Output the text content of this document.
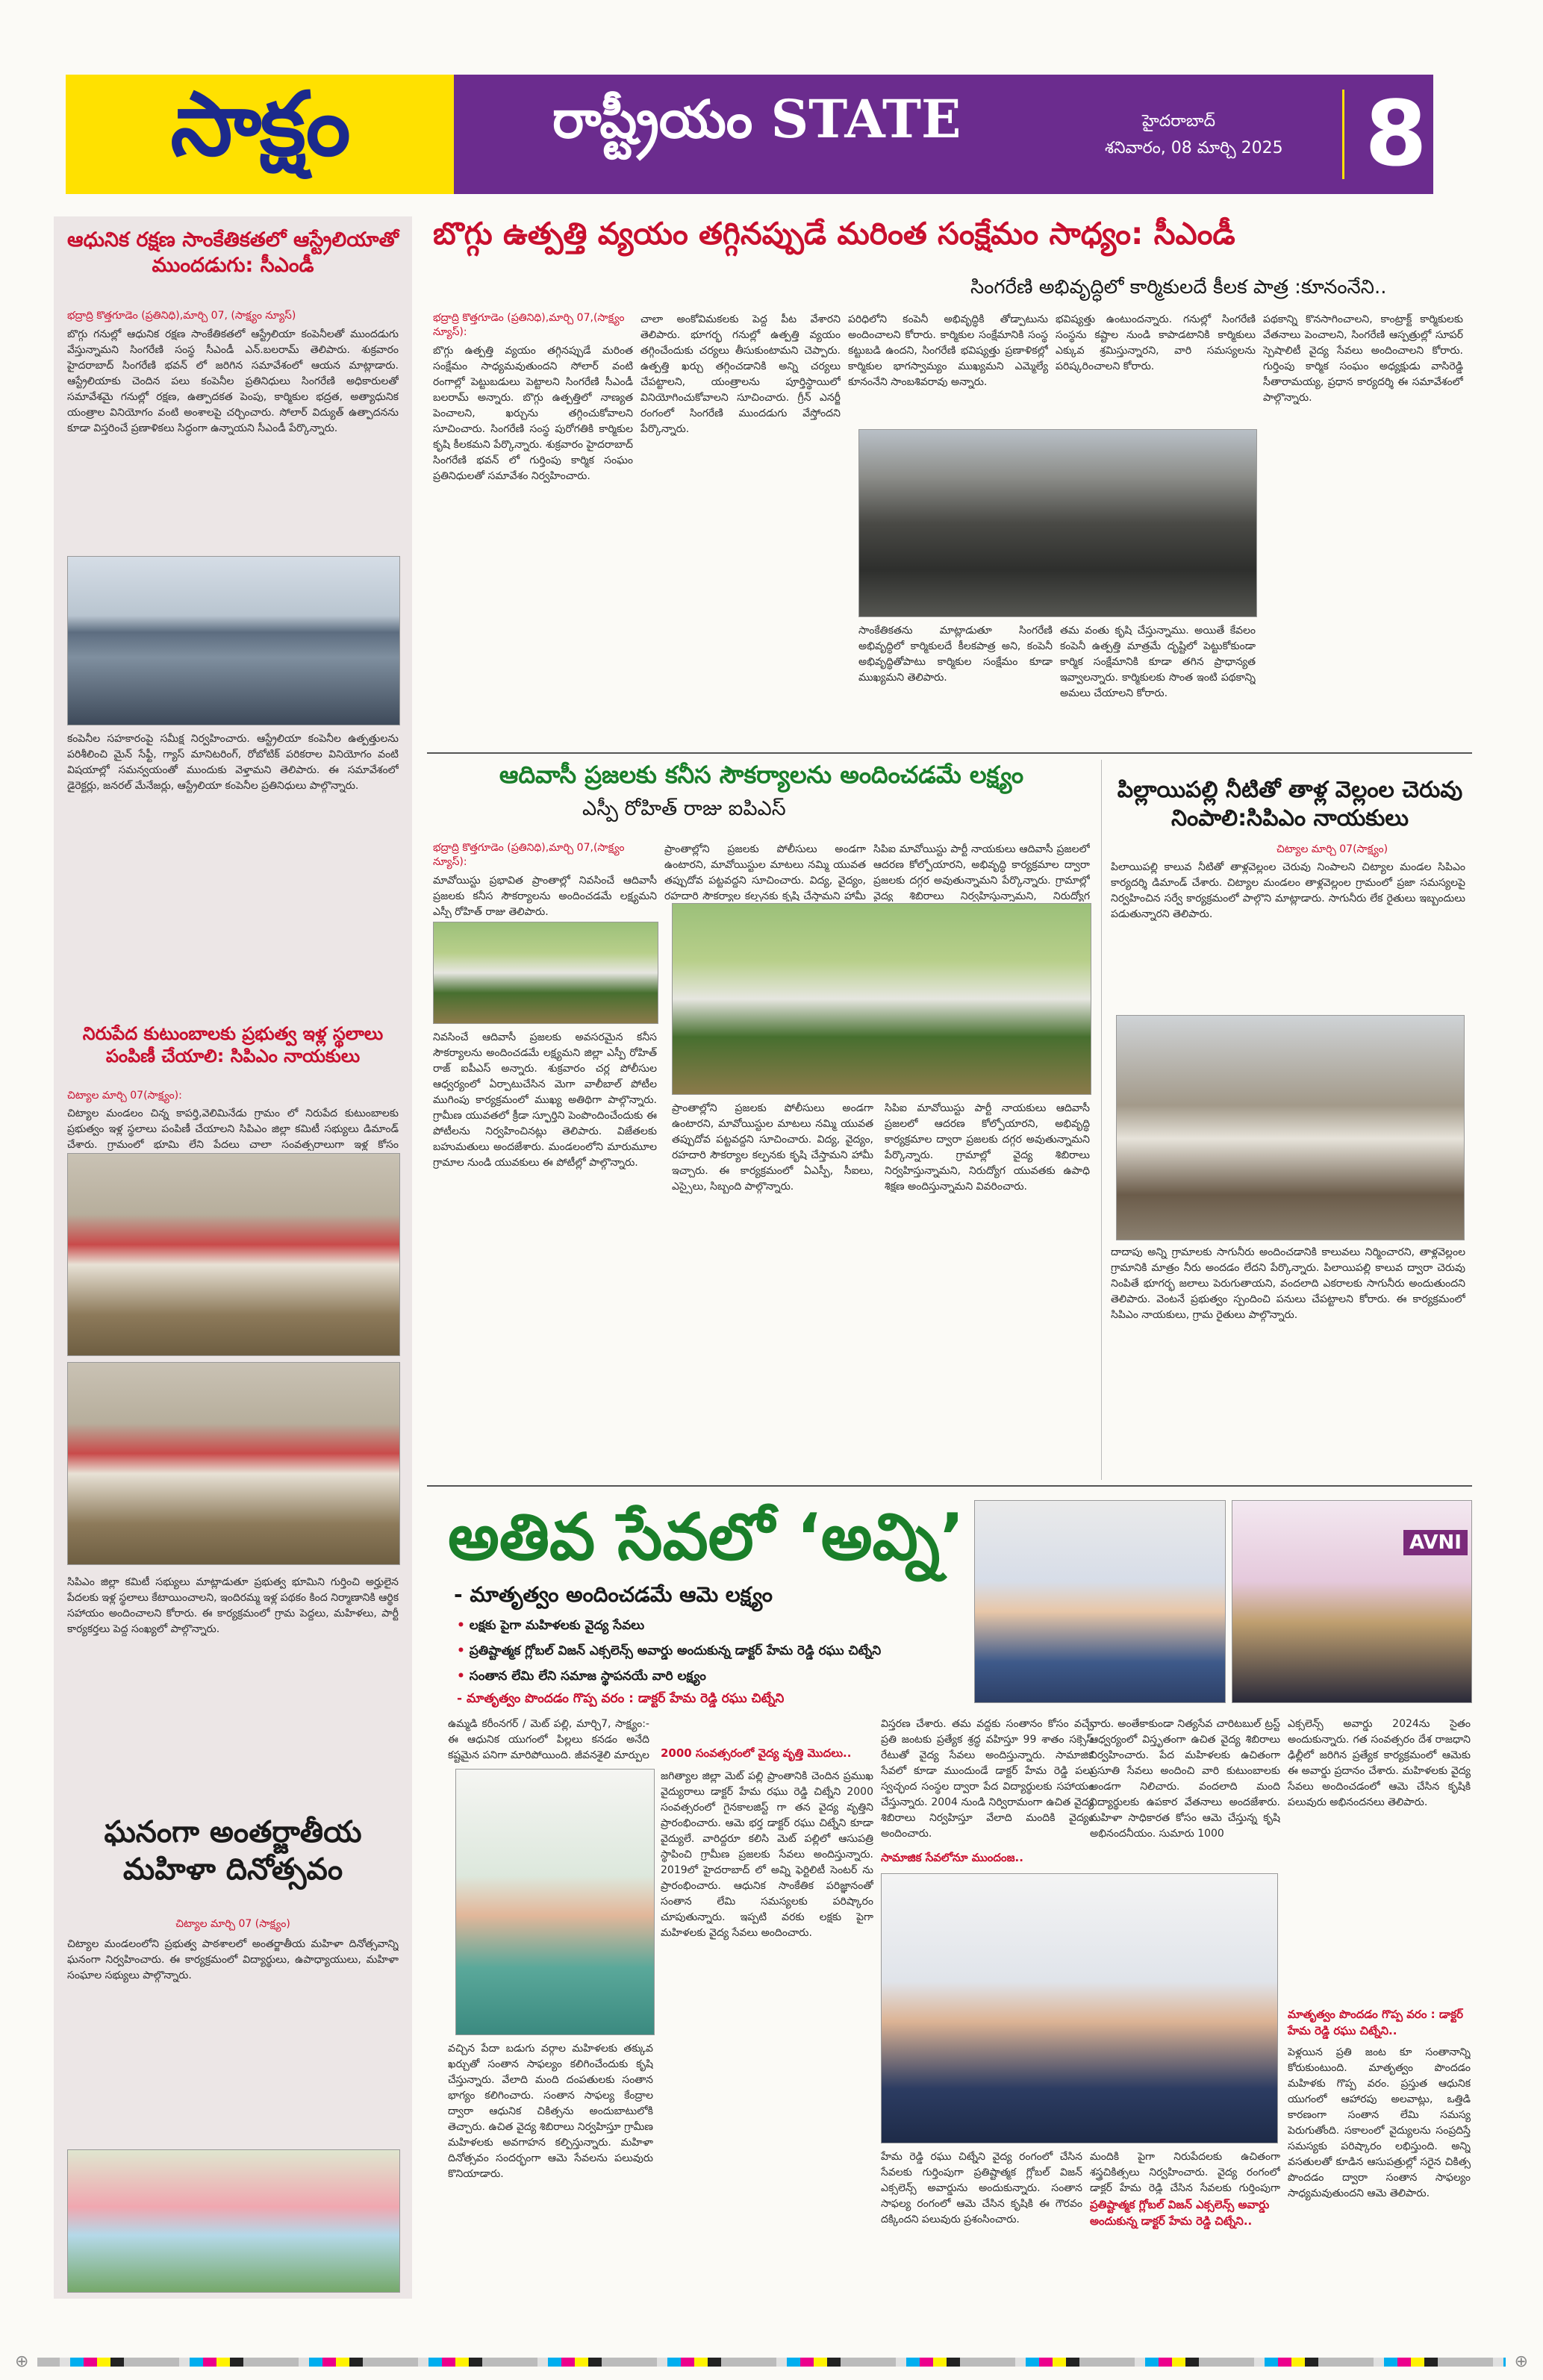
సాక్షం	రాష్ట్రీయం STATE	హైదరాబాద్
శనివారం, 08 మార్చి 2025 8
ఆధునిక రక్షణ సాంకేతికతలో ఆస్ట్రేలియాతో ముందడుగు: సీఎండీ
భద్రాద్రి కొత్తగూడెం (ప్రతినిధి),మార్చి 07, (సాక్ష్యం న్యూస్)
బొగ్గు గనుల్లో ఆధునిక రక్షణ సాంకేతికతలో ఆస్ట్రేలియా కంపెనీలతో ముందడుగు వేస్తున్నామని సింగరేణి సంస్థ సీఎండీ ఎన్.బలరామ్ తెలిపారు. శుక్రవారం హైదరాబాద్ సింగరేణి భవన్ లో జరిగిన సమావేశంలో ఆయన మాట్లాడారు. ఆస్ట్రేలియాకు చెందిన పలు కంపెనీల ప్రతినిధులు సింగరేణి అధికారులతో సమావేశమై గనుల్లో రక్షణ, ఉత్పాదకత పెంపు, కార్మికుల భద్రత, అత్యాధునిక యంత్రాల వినియోగం వంటి అంశాలపై చర్చించారు. సోలార్ విద్యుత్ ఉత్పాదనను కూడా విస్తరించే ప్రణాళికలు సిద్ధంగా ఉన్నాయని సీఎండీ పేర్కొన్నారు.
కంపెనీల సహకారంపై సమీక్ష నిర్వహించారు. ఆస్ట్రేలియా కంపెనీల ఉత్పత్తులను పరిశీలించి మైన్ సేఫ్టీ, గ్యాస్ మానిటరింగ్, రోబోటిక్ పరికరాల వినియోగం వంటి విషయాల్లో సమన్వయంతో ముందుకు వెళ్తామని తెలిపారు. ఈ సమావేశంలో డైరెక్టర్లు, జనరల్ మేనేజర్లు, ఆస్ట్రేలియా కంపెనీల ప్రతినిధులు పాల్గొన్నారు.
నిరుపేద కుటుంబాలకు ప్రభుత్వ ఇళ్ల స్థలాలు పంపిణీ చేయాలి: సిపిఎం నాయకులు
చిట్యాల మార్చి 07(సాక్ష్యం):
చిట్యాల మండలం చిన్న కాపర్తి,వెలిమినేడు గ్రామం లో నిరుపేద కుటుంబాలకు ప్రభుత్వం ఇళ్ల స్థలాలు పంపిణీ చేయాలని సిపిఎం జిల్లా కమిటీ సభ్యులు డిమాండ్ చేశారు. గ్రామంలో భూమి లేని పేదలు చాలా సంవత్సరాలుగా ఇళ్ల కోసం
సిపిఎం జిల్లా కమిటీ సభ్యులు మాట్లాడుతూ ప్రభుత్వ భూమిని గుర్తించి అర్హులైన పేదలకు ఇళ్ల స్థలాలు కేటాయించాలని, ఇందిరమ్మ ఇళ్ల పథకం కింద నిర్మాణానికి ఆర్థిక సహాయం అందించాలని కోరారు. ఈ కార్యక్రమంలో గ్రామ పెద్దలు, మహిళలు, పార్టీ కార్యకర్తలు పెద్ద సంఖ్యలో పాల్గొన్నారు.
ఘనంగా అంతర్జాతీయ మహిళా దినోత్సవం
చిట్యాల మార్చి 07 (సాక్ష్యం)
చిట్యాల మండలంలోని ప్రభుత్వ పాఠశాలలో అంతర్జాతీయ మహిళా దినోత్సవాన్ని ఘనంగా నిర్వహించారు. ఈ కార్యక్రమంలో విద్యార్థులు, ఉపాధ్యాయులు, మహిళా సంఘాల సభ్యులు పాల్గొన్నారు.
బొగ్గు ఉత్పత్తి వ్యయం తగ్గినప్పుడే మరింత సంక్షేమం సాధ్యం: సీఎండీ
సింగరేణి అభివృద్ధిలో కార్మికులదే కీలక పాత్ర :కూనంనేని..
భద్రాద్రి కొత్తగూడెం (ప్రతినిధి),మార్చి 07,(సాక్ష్యం న్యూస్):
బొగ్గు ఉత్పత్తి వ్యయం తగ్గినప్పుడే మరింత సంక్షేమం సాధ్యమవుతుందని సోలార్ వంటి రంగాల్లో పెట్టుబడులు పెట్టాలని సింగరేణి సీఎండీ బలరామ్ అన్నారు. బొగ్గు ఉత్పత్తిలో నాణ్యత పెంచాలని, ఖర్చును తగ్గించుకోవాలని సూచించారు. సింగరేణి సంస్థ పురోగతికి కార్మికుల కృషి కీలకమని పేర్కొన్నారు. శుక్రవారం హైదరాబాద్ సింగరేణి భవన్ లో గుర్తింపు కార్మిక సంఘం ప్రతినిధులతో సమావేశం నిర్వహించారు.
చాలా అంకోవిమకలకు పెద్ద పీట వేశారని తెలిపారు. భూగర్భ గనుల్లో ఉత్పత్తి వ్యయం తగ్గించేందుకు చర్యలు తీసుకుంటామని చెప్పారు. ఉత్పత్తి ఖర్చు తగ్గించడానికి అన్ని చర్యలు చేపట్టాలని, యంత్రాలను పూర్తిస్థాయిలో వినియోగించుకోవాలని సూచించారు. గ్రీన్ ఎనర్జీ రంగంలో సింగరేణి ముందడుగు వేస్తోందని పేర్కొన్నారు.
పరిధిలోని కంపెనీ అభివృద్ధికి తోడ్పాటును అందించాలని కోరారు. కార్మికుల సంక్షేమానికి సంస్థ కట్టుబడి ఉందని, సింగరేణి భవిష్యత్తు ప్రణాళికల్లో కార్మికుల భాగస్వామ్యం ముఖ్యమని ఎమ్మెల్యే కూనంనేని సాంబశివరావు అన్నారు.
భవిష్యత్తు ఉంటుందన్నారు. గనుల్లో సింగరేణి సంస్థను కష్టాల నుండి కాపాడటానికి కార్మికులు ఎక్కువ శ్రమిస్తున్నారని, వారి సమస్యలను పరిష్కరించాలని కోరారు.
పథకాన్ని కొనసాగించాలని, కాంట్రాక్ట్ కార్మికులకు వేతనాలు పెంచాలని, సింగరేణి ఆస్పత్రుల్లో సూపర్ స్పెషాలిటీ వైద్య సేవలు అందించాలని కోరారు. గుర్తింపు కార్మిక సంఘం అధ్యక్షుడు వాసిరెడ్డి సీతారామయ్య, ప్రధాన కార్యదర్శి ఈ సమావేశంలో పాల్గొన్నారు.
సాంకేతికతను మాట్లాడుతూ సింగరేణి అభివృద్ధిలో కార్మికులదే కీలకపాత్ర అని, కంపెనీ అభివృద్ధితోపాటు కార్మికుల సంక్షేమం కూడా ముఖ్యమని తెలిపారు.
తమ వంతు కృషి చేస్తున్నాము. అయితే కేవలం కంపెనీ ఉత్పత్తి మాత్రమే దృష్టిలో పెట్టుకోకుండా కార్మిక సంక్షేమానికి కూడా తగిన ప్రాధాన్యత ఇవ్వాలన్నారు. కార్మికులకు సొంత ఇంటి పథకాన్ని అమలు చేయాలని కోరారు.
ఆదివాసీ ప్రజలకు కనీస సౌకర్యాలను అందించడమే లక్ష్యం
ఎస్పీ రోహిత్ రాజు ఐపిఎస్
భద్రాద్రి కొత్తగూడెం (ప్రతినిధి),మార్చి 07,(సాక్ష్యం న్యూస్):
మావోయిస్టు ప్రభావిత ప్రాంతాల్లో నివసించే ఆదివాసీ ప్రజలకు కనీస సౌకర్యాలను అందించడమే లక్ష్యమని ఎస్పీ రోహిత్ రాజు తెలిపారు.
ప్రాంతాల్లోని ప్రజలకు పోలీసులు అండగా ఉంటారని, మావోయిస్టుల మాటలు నమ్మి యువత తప్పుదోవ పట్టవద్దని సూచించారు. విద్య, వైద్యం, రహదారి సౌకర్యాల కల్పనకు కృషి చేస్తామని హామీ
సిపిఐ మావోయిస్టు పార్టీ నాయకులు ఆదివాసీ ప్రజలలో ఆదరణ కోల్పోయారని, అభివృద్ధి కార్యక్రమాల ద్వారా ప్రజలకు దగ్గర అవుతున్నామని పేర్కొన్నారు. గ్రామాల్లో వైద్య శిబిరాలు నిర్వహిస్తున్నామని, నిరుద్యోగ
నివసించే ఆదివాసీ ప్రజలకు అవసరమైన కనీస సౌకర్యాలను అందించడమే లక్ష్యమని జిల్లా ఎస్పీ రోహిత్ రాజ్ ఐపీఎస్ అన్నారు. శుక్రవారం చర్ల పోలీసుల ఆధ్వర్యంలో ఏర్పాటుచేసిన మెగా వాలీబాల్ పోటీల ముగింపు కార్యక్రమంలో ముఖ్య అతిథిగా పాల్గొన్నారు. గ్రామీణ యువతలో క్రీడా స్ఫూర్తిని పెంపొందించేందుకు ఈ పోటీలను నిర్వహించినట్లు తెలిపారు. విజేతలకు బహుమతులు అందజేశారు. మండలంలోని మారుమూల గ్రామాల నుండి యువకులు ఈ పోటీల్లో పాల్గొన్నారు.
ప్రాంతాల్లోని ప్రజలకు పోలీసులు అండగా ఉంటారని, మావోయిస్టుల మాటలు నమ్మి యువత తప్పుదోవ పట్టవద్దని సూచించారు. విద్య, వైద్యం, రహదారి సౌకర్యాల కల్పనకు కృషి చేస్తామని హామీ ఇచ్చారు. ఈ కార్యక్రమంలో ఏఎస్పీ, సీఐలు, ఎస్సైలు, సిబ్బంది పాల్గొన్నారు.
సిపిఐ మావోయిస్టు పార్టీ నాయకులు ఆదివాసీ ప్రజలలో ఆదరణ కోల్పోయారని, అభివృద్ధి కార్యక్రమాల ద్వారా ప్రజలకు దగ్గర అవుతున్నామని పేర్కొన్నారు. గ్రామాల్లో వైద్య శిబిరాలు నిర్వహిస్తున్నామని, నిరుద్యోగ యువతకు ఉపాధి శిక్షణ అందిస్తున్నామని వివరించారు.
పిల్లాయిపల్లి నీటితో తాళ్ల వెల్లంల చెరువు నింపాలి:సిపిఎం నాయకులు
చిట్యాల మార్చి 07(సాక్ష్యం)
పిలాయిపల్లి కాలువ నీటితో తాళ్లవెల్లంల చెరువు నింపాలని చిట్యాల మండల సిపిఎం కార్యదర్శి డిమాండ్ చేశారు. చిట్యాల మండలం తాళ్లవెల్లంల గ్రామంలో ప్రజా సమస్యలపై నిర్వహించిన సర్వే కార్యక్రమంలో పాల్గొని మాట్లాడారు. సాగునీరు లేక రైతులు ఇబ్బందులు పడుతున్నారని తెలిపారు.
దాదాపు అన్ని గ్రామాలకు సాగునీరు అందించడానికి కాలువలు నిర్మించారని, తాళ్లవెల్లంల గ్రామానికి మాత్రం నీరు అందడం లేదని పేర్కొన్నారు. పిలాయిపల్లి కాలువ ద్వారా చెరువు నింపితే భూగర్భ జలాలు పెరుగుతాయని, వందలాది ఎకరాలకు సాగునీరు అందుతుందని తెలిపారు. వెంటనే ప్రభుత్వం స్పందించి పనులు చేపట్టాలని కోరారు. ఈ కార్యక్రమంలో సిపిఎం నాయకులు, గ్రామ రైతులు పాల్గొన్నారు.
అతివ సేవలో ‘అవ్ని’
- మాతృత్వం అందించడమే ఆమె లక్ష్యం
• లక్షకు పైగా మహిళలకు వైద్య సేవలు
• ప్రతిష్టాత్మక గ్లోబల్ విజన్ ఎక్సలెన్స్ అవార్డు అందుకున్న డాక్టర్ హేమ రెడ్డి రఘు చిట్నేని
• సంతాన లేమి లేని సమాజ స్థాపనయే వారి లక్ష్యం
- మాతృత్వం పొందడం గొప్ప వరం : డాక్టర్ హేమ రెడ్డి రఘు చిట్నేని
AVNI
ఉమ్మడి కరీంనగర్ / మెట్ పల్లి, మార్చి7, సాక్ష్యం:- ఈ ఆధునిక యుగంలో పిల్లలు కనడం అనేది కష్టమైన పనిగా మారిపోయింది. జీవనశైలి మార్పుల
వచ్చిన పేదా బడుగు వర్గాల మహిళలకు తక్కువ ఖర్చుతో సంతాన సాఫల్యం కలిగించేందుకు కృషి చేస్తున్నారు. వేలాది మంది దంపతులకు సంతాన భాగ్యం కలిగించారు. సంతాన సాఫల్య కేంద్రాల ద్వారా ఆధునిక చికిత్సను అందుబాటులోకి తెచ్చారు. ఉచిత వైద్య శిబిరాలు నిర్వహిస్తూ గ్రామీణ మహిళలకు అవగాహన కల్పిస్తున్నారు. మహిళా దినోత్సవం సందర్భంగా ఆమె సేవలను పలువురు కొనియాడారు.
2000 సంవత్సరంలో వైద్య వృత్తి మొదలు..
జగిత్యాల జిల్లా మెట్ పల్లి ప్రాంతానికి చెందిన ప్రముఖ వైద్యురాలు డాక్టర్ హేమ రఘు రెడ్డి చిట్నేని 2000 సంవత్సరంలో గైనకాలజిస్ట్ గా తన వైద్య వృత్తిని ప్రారంభించారు. ఆమె భర్త డాక్టర్ రఘు చిట్నేని కూడా వైద్యులే. వారిద్దరూ కలిసి మెట్ పల్లిలో ఆసుపత్రి స్థాపించి గ్రామీణ ప్రజలకు సేవలు అందిస్తున్నారు. 2019లో హైదరాబాద్ లో అవ్ని ఫెర్టిలిటీ సెంటర్ ను ప్రారంభించారు. ఆధునిక సాంకేతిక పరిజ్ఞానంతో సంతాన లేమి సమస్యలకు పరిష్కారం చూపుతున్నారు. ఇప్పటి వరకు లక్షకు పైగా మహిళలకు వైద్య సేవలు అందించారు.
సామాజిక సేవలోనూ ముందంజ..
విస్తరణ చేశారు. తమ వద్దకు సంతానం కోసం వచ్చే ప్రతి జంటకు ప్రత్యేక శ్రద్ధ వహిస్తూ 99 శాతం సక్సెస్ రేటుతో వైద్య సేవలు అందిస్తున్నారు. సామాజిక సేవలో కూడా ముందుండే డాక్టర్ హేమ రెడ్డి పలు స్వచ్ఛంద సంస్థల ద్వారా పేద విద్యార్థులకు సహాయం చేస్తున్నారు. 2004 నుండి నిర్విరామంగా ఉచిత వైద్య శిబిరాలు నిర్వహిస్తూ వేలాది మందికి వైద్యం అందించారు.
నారు. అంతేకాకుండా నిత్యసేవ చారిటబుల్ ట్రస్ట్ ఆధ్వర్యంలో విస్తృతంగా ఉచిత వైద్య శిబిరాలు నిర్వహించారు. పేద మహిళలకు ఉచితంగా ప్రసూతి సేవలు అందించి వారి కుటుంబాలకు అండగా నిలిచారు. వందలాది మంది విద్యార్థులకు ఉపకార వేతనాలు అందజేశారు. మహిళా సాధికారత కోసం ఆమె చేస్తున్న కృషి అభినందనీయం. సుమారు 1000
హేమ రెడ్డి రఘు చిట్నేని వైద్య రంగంలో చేసిన సేవలకు గుర్తింపుగా ప్రతిష్టాత్మక గ్లోబల్ విజన్ ఎక్సలెన్స్ అవార్డును అందుకున్నారు. సంతాన సాఫల్య రంగంలో ఆమె చేసిన కృషికి ఈ గౌరవం దక్కిందని పలువురు ప్రశంసించారు.
మందికి పైగా నిరుపేదలకు ఉచితంగా శస్త్రచికిత్సలు నిర్వహించారు. వైద్య రంగంలో డాక్టర్ హేమ రెడ్డి చేసిన సేవలకు గుర్తింపుగా
ప్రతిష్టాత్మక గ్లోబల్ విజన్ ఎక్సలెన్స్ అవార్డు అందుకున్న డాక్టర్ హేమ రెడ్డి చిట్నేని..
ఎక్సలెన్స్ అవార్డు 2024ను సైతం అందుకున్నారు. గత సంవత్సరం దేశ రాజధాని ఢిల్లీలో జరిగిన ప్రత్యేక కార్యక్రమంలో ఆమెకు ఈ అవార్డు ప్రదానం చేశారు. మహిళలకు వైద్య సేవలు అందించడంలో ఆమె చేసిన కృషికి పలువురు అభినందనలు తెలిపారు.
మాతృత్వం పొందడం గొప్ప వరం : డాక్టర్ హేమ రెడ్డి రఘు చిట్నేని..
పెళ్లయిన ప్రతి జంట కూ సంతానాన్ని కోరుకుంటుంది. మాతృత్వం పొందడం మహిళకు గొప్ప వరం. ప్రస్తుత ఆధునిక యుగంలో ఆహారపు అలవాట్లు, ఒత్తిడి కారణంగా సంతాన లేమి సమస్య పెరుగుతోంది. సకాలంలో వైద్యులను సంప్రదిస్తే సమస్యకు పరిష్కారం లభిస్తుంది. అన్ని వసతులతో కూడిన ఆసుపత్రుల్లో సరైన చికిత్స పొందడం ద్వారా సంతాన సాఫల్యం సాధ్యమవుతుందని ఆమె తెలిపారు.
⊕	⊕
